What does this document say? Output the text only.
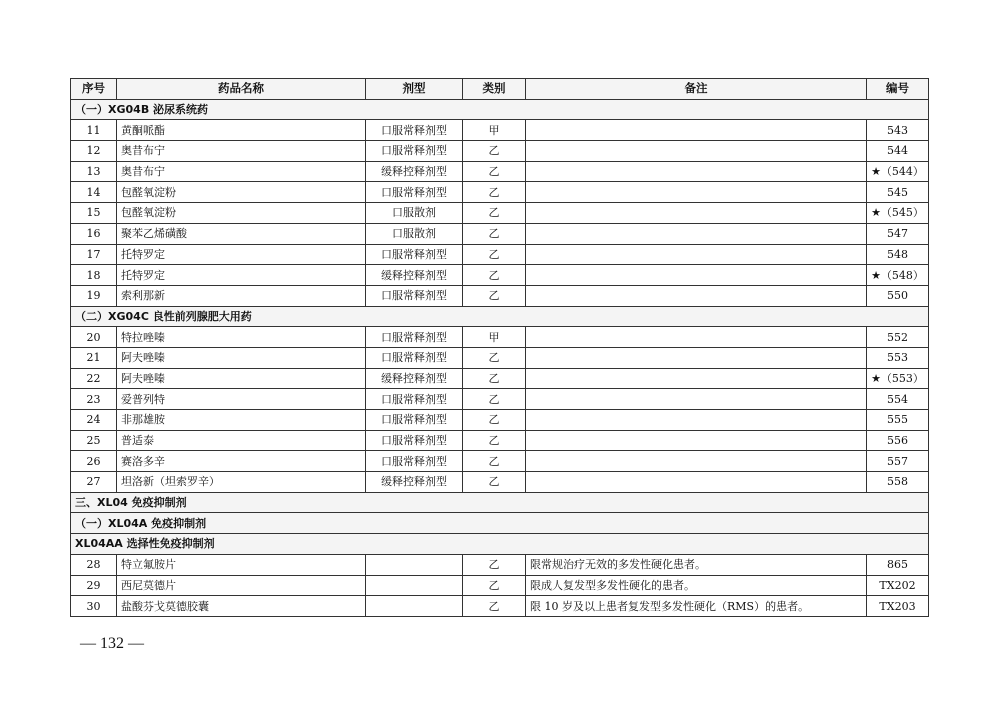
序号	药品名称	剂型	类别	备注	编号
（一）XG04B 泌尿系统药					
11	黄酮哌酯	口服常释剂型	甲		543
12	奥昔布宁	口服常释剂型	乙		544
13	奥昔布宁	缓释控释剂型	乙		★（544）
14	包醛氧淀粉	口服常释剂型	乙		545
15	包醛氧淀粉	口服散剂	乙		★（545）
16	聚苯乙烯磺酸	口服散剂	乙		547
17	托特罗定	口服常释剂型	乙		548
18	托特罗定	缓释控释剂型	乙		★（548）
19	索利那新	口服常释剂型	乙		550
（二）XG04C 良性前列腺肥大用药					
20	特拉唑嗪	口服常释剂型	甲		552
21	阿夫唑嗪	口服常释剂型	乙		553
22	阿夫唑嗪	缓释控释剂型	乙		★（553）
23	爱普列特	口服常释剂型	乙		554
24	非那雄胺	口服常释剂型	乙		555
25	普适泰	口服常释剂型	乙		556
26	赛洛多辛	口服常释剂型	乙		557
27	坦洛新（坦索罗辛）	缓释控释剂型	乙		558
三、XL04 免疫抑制剂					
（一）XL04A 免疫抑制剂					
XL04AA 选择性免疫抑制剂					
28	特立氟胺片		乙	限常规治疗无效的多发性硬化患者。	865
29	西尼莫德片		乙	限成人复发型多发性硬化的患者。	TX202
30	盐酸芬戈莫德胶囊		乙	限 10 岁及以上患者复发型多发性硬化（RMS）的患者。	TX203
— 132 —
